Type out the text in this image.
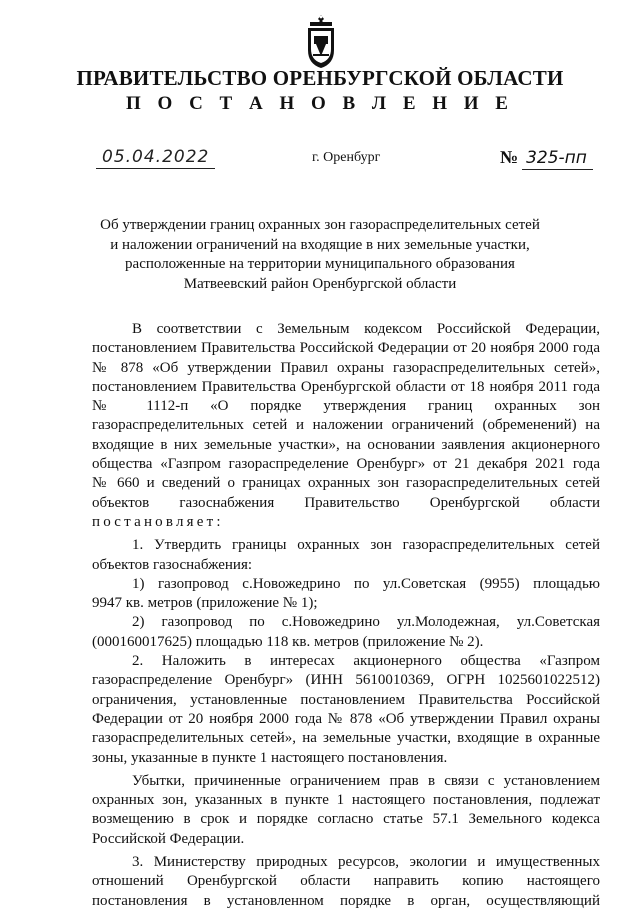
ПРАВИТЕЛЬСТВО ОРЕНБУРГСКОЙ ОБЛАСТИ
П О С Т А Н О В Л Е Н И Е
05.04.2022	г. Оренбург	№ 325-пп
Об утверждении границ охранных зон газораспределительных сетей
и наложении ограничений на входящие в них земельные участки,
расположенные на территории муниципального образования
Матвеевский район Оренбургской области

В соответствии с Земельным кодексом Российской Федерации,

постановлением Правительства Российской Федерации от 20 ноября 2000 года

№ 878 «Об утверждении Правил охраны газораспределительных сетей»,

постановлением Правительства Оренбургской области от 18 ноября 2011 года

№ 1112-п «О порядке утверждения границ охранных зон

газораспределительных сетей и наложении ограничений (обременений) на

входящие в них земельные участки», на основании заявления акционерного

общества «Газпром газораспределение Оренбург» от 21 декабря 2021 года

№ 660 и сведений о границах охранных зон газораспределительных сетей

объектов газоснабжения Правительство Оренбургской области

постановляет:

1. Утвердить границы охранных зон газораспределительных сетей

объектов газоснабжения:

1) газопровод с.Новожедрино по ул.Советская (9955) площадью

9947 кв. метров (приложение № 1);

2) газопровод по с.Новожедрино ул.Молодежная, ул.Советская

(000160017625) площадью 118 кв. метров (приложение № 2).

2. Наложить в интересах акционерного общества «Газпром

газораспределение Оренбург» (ИНН 5610010369, ОГРН 1025601022512)

ограничения, установленные постановлением Правительства Российской

Федерации от 20 ноября 2000 года № 878 «Об утверждении Правил охраны

газораспределительных сетей», на земельные участки, входящие в охранные

зоны, указанные в пункте 1 настоящего постановления.

Убытки, причиненные ограничением прав в связи с установлением

охранных зон, указанных в пункте 1 настоящего постановления, подлежат

возмещению в срок и порядке согласно статье 57.1 Земельного кодекса

Российской Федерации.

3. Министерству природных ресурсов, экологии и имущественных

отношений Оренбургской области направить копию настоящего

постановления в установленном порядке в орган, осуществляющий
